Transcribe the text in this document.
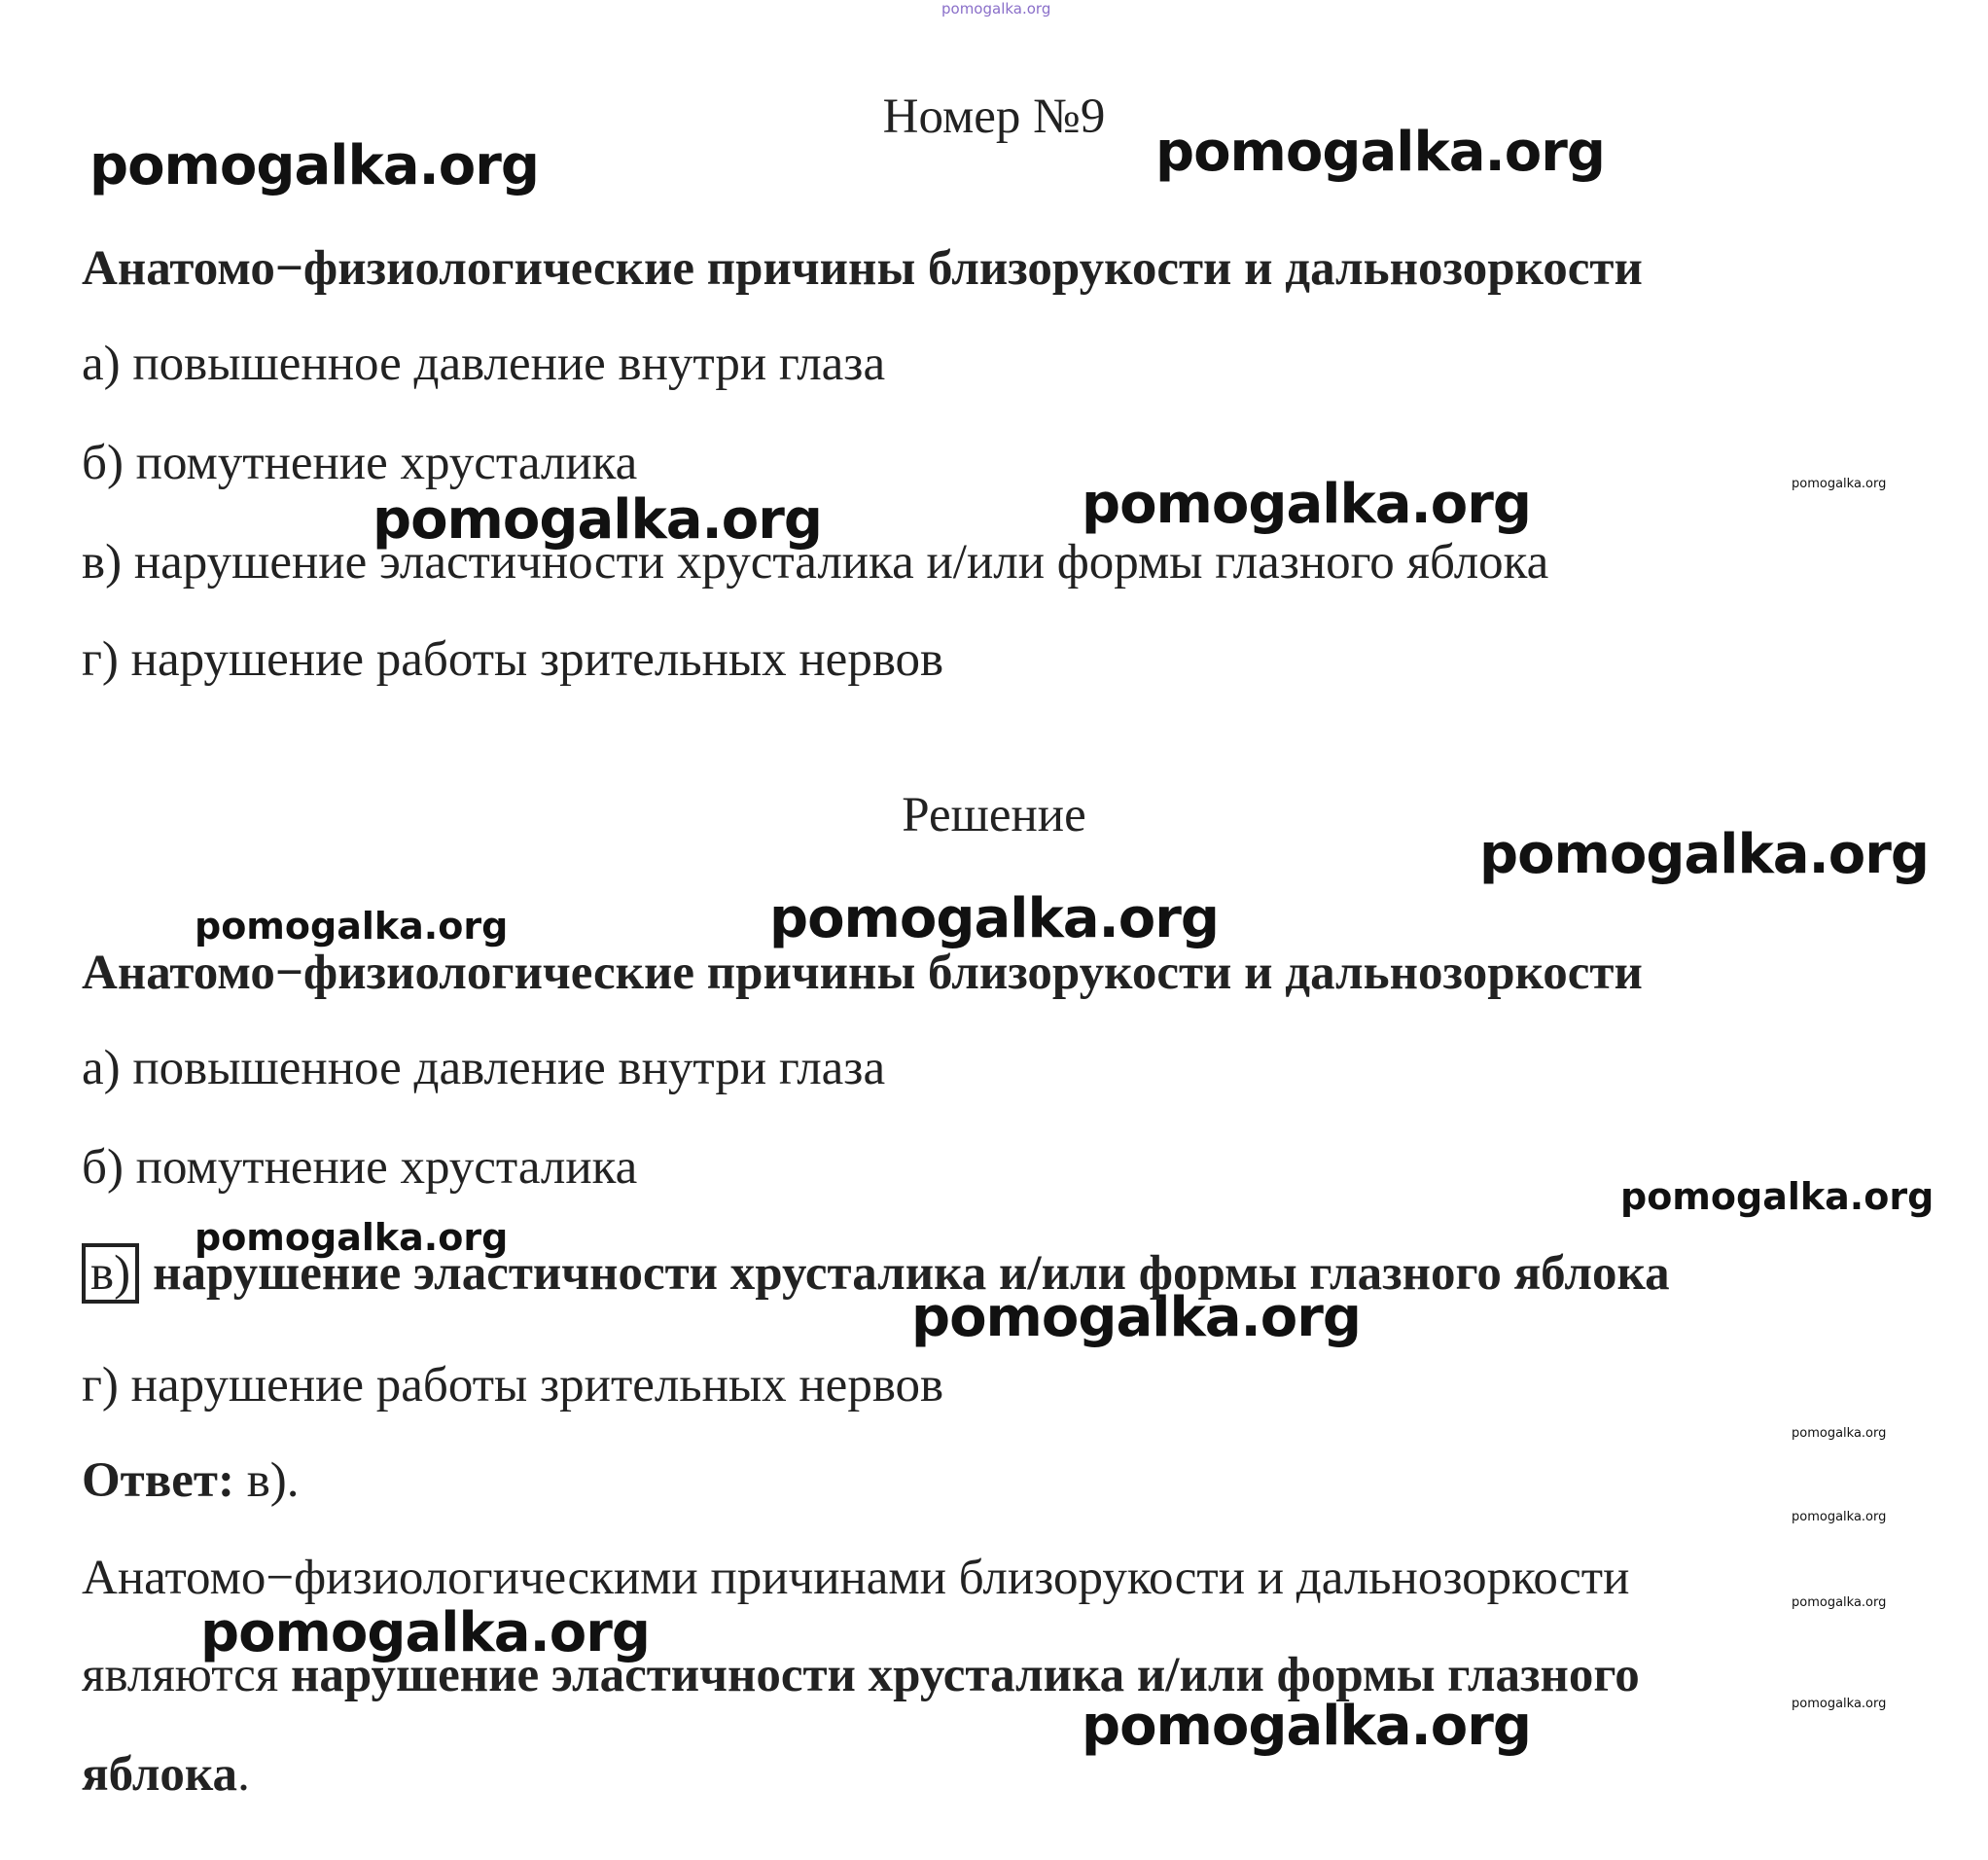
pomogalka.org
pomogalka.org	pomogalka.org
pomogalka.org
pomogalka.org
pomogalka.org
pomogalka.org
pomogalka.org	pomogalka.org
pomogalka.org
pomogalka.org
pomogalka.org
pomogalka.org
pomogalka.org
pomogalka.org
pomogalka.org
pomogalka.org
pomogalka.org
Номер №9
Анатомо−физиологические причины близорукости и дальнозоркости
а) повышенное давление внутри глаза
б) помутнение хрусталика
в) нарушение эластичности хрусталика и/или формы глазного яблока
г) нарушение работы зрительных нервов
Решение
Анатомо−физиологические причины близорукости и дальнозоркости
а) повышенное давление внутри глаза
б) помутнение хрусталика
в) нарушение эластичности хрусталика и/или формы глазного яблока
г) нарушение работы зрительных нервов
Ответ: в).
Анатомо−физиологическими причинами близорукости и дальнозоркости
являются нарушение эластичности хрусталика и/или формы глазного
яблока.
